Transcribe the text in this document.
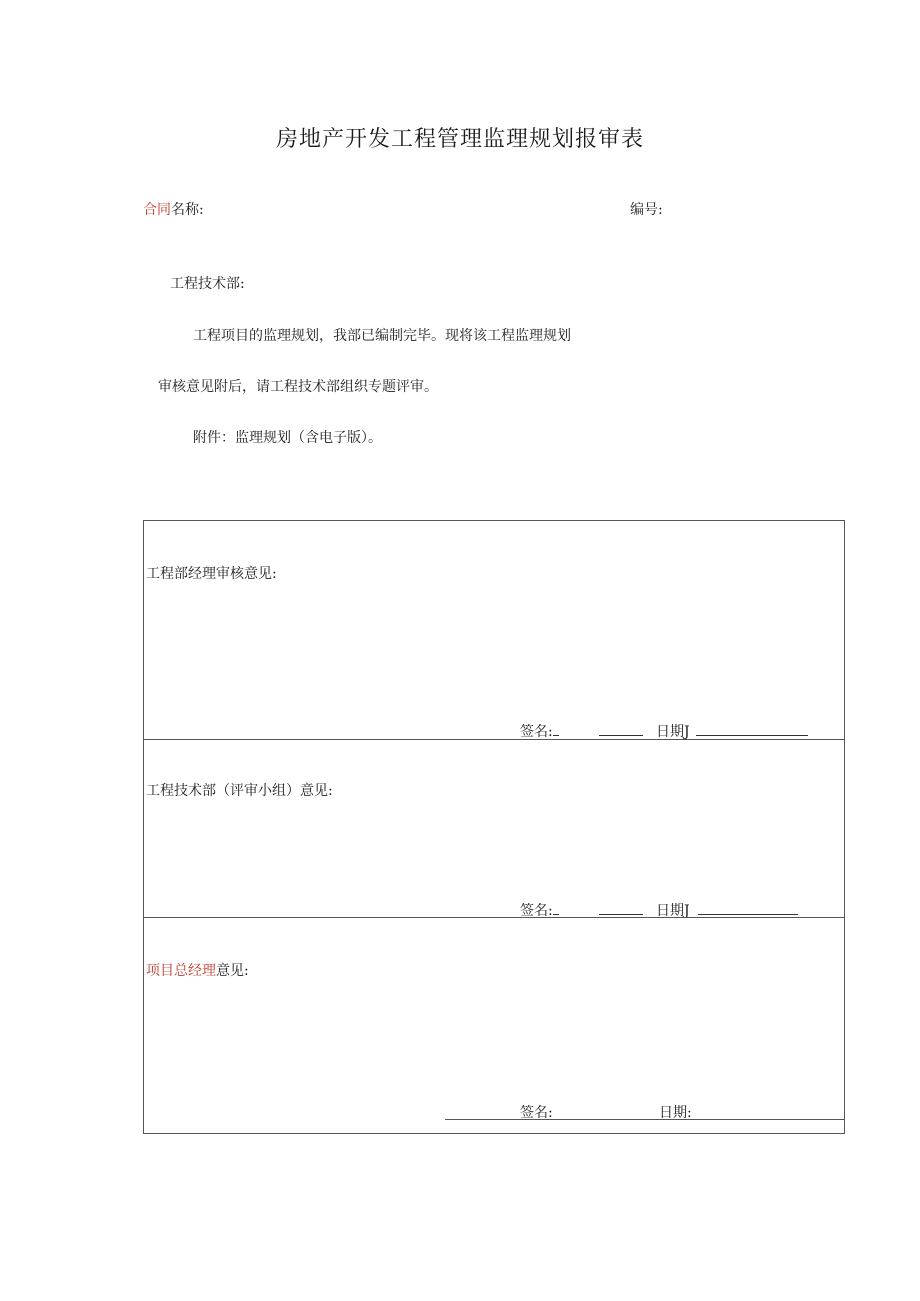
房地产开发工程管理监理规划报审表
合同名称:	编号:
工程技术部:
工程项目的监理规划，我部已编制完毕。现将该工程监理规划
审核意见附后，请工程技术部组织专题评审。
附件：监理规划（含电子版）。
工程部经理审核意见:
签名:	日期J
工程技术部（评审小组）意见:
签名:	日期J
项目总经理意见:
签名:	日期:
